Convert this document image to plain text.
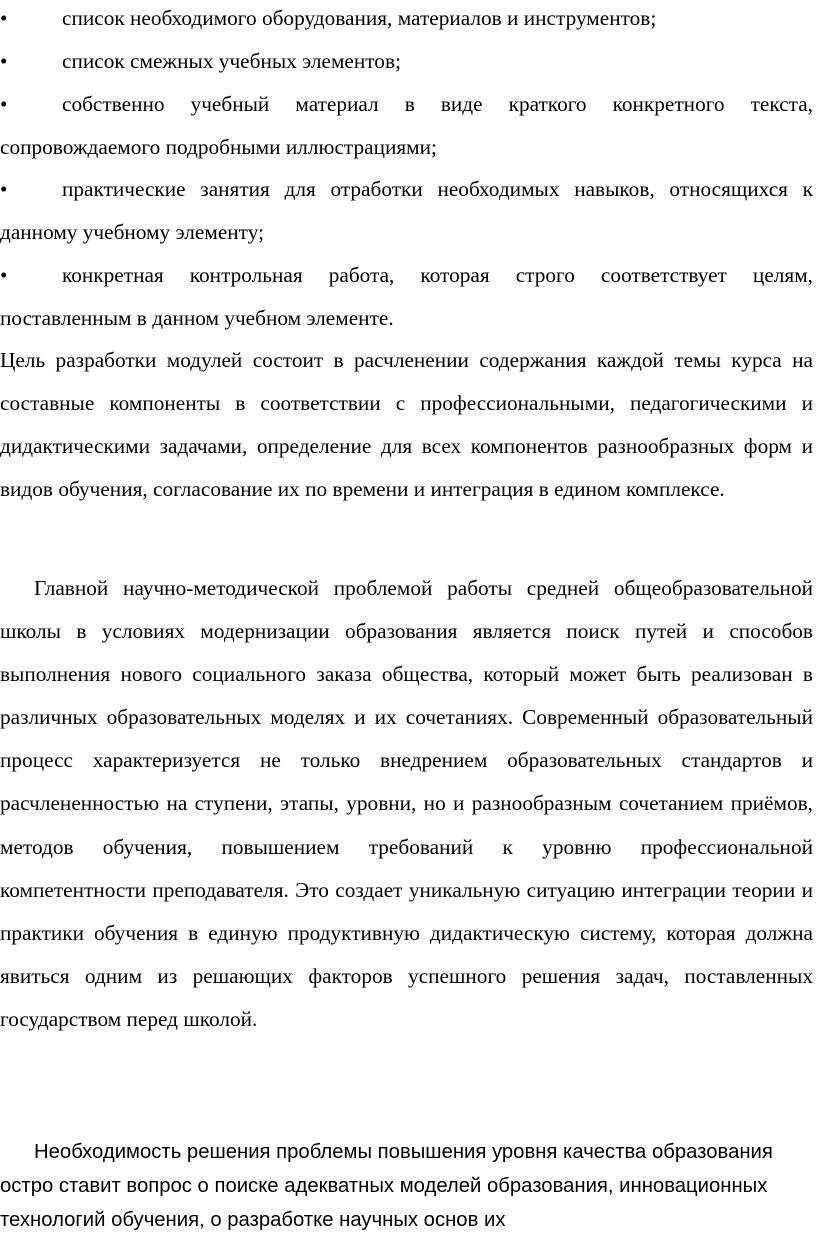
•	список необходимого оборудования, материалов и инструментов;
•	список смежных учебных элементов;
•	собственно учебный материал в виде краткого конкретного текста, сопровождаемого подробными иллюстрациями;
•	практические занятия для отработки необходимых навыков, относящихся к данному учебному элементу;
•	конкретная контрольная работа, которая строго соответствует целям, поставленным в данном учебном элементе.

Цель разработки модулей состоит в расчленении содержания каждой темы курса на составные компоненты в соответствии с профессиональными, педагогическими и дидактическими задачами, определение для всех компонентов разнообразных форм и видов обучения, согласование их по времени и интеграция в едином комплексе.

Главной научно-методической проблемой работы средней общеобразовательной школы в условиях модернизации образования является поиск путей и способов выполнения нового социального заказа общества, который может быть реализован в различных образовательных моделях и их сочетаниях. Современный образовательный процесс характеризуется не только внедрением образовательных стандартов и расчлененностью на ступени, этапы, уровни, но и разнообразным сочетанием приёмов, методов обучения, повышением требований к уровню профессиональной компетентности преподавателя. Это создает уникальную ситуацию интеграции теории и практики обучения в единую продуктивную дидактическую систему, которая должна явиться одним из решающих факторов успешного решения задач, поставленных государством перед школой.

Необходимость решения проблемы повышения уровня качества образования остро ставит вопрос о поиске адекватных моделей образования, инновационных технологий обучения, о разработке научных основ их
